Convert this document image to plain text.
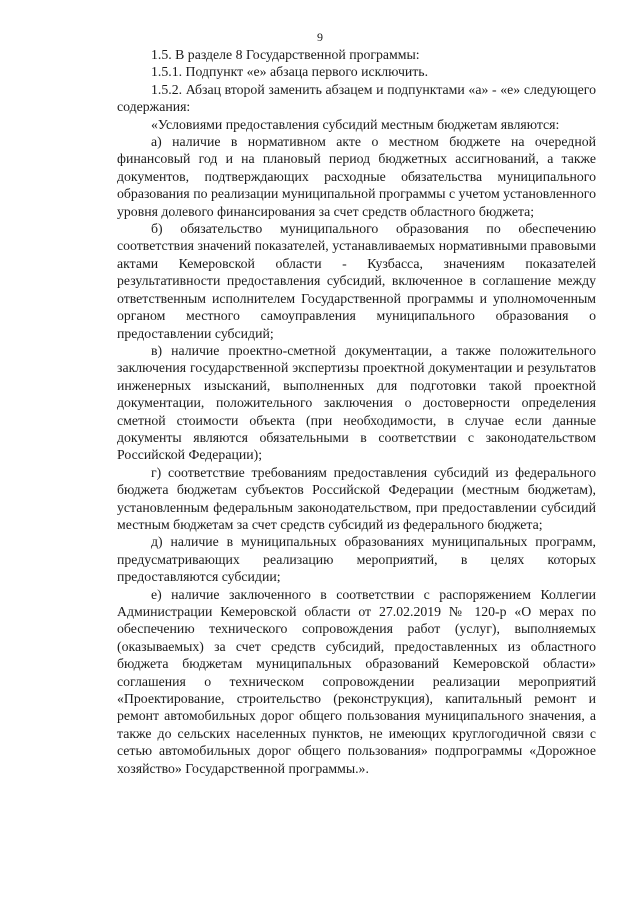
9

1.5. В разделе 8 Государственной программы:

1.5.1. Подпункт «е» абзаца первого исключить.

1.5.2. Абзац второй заменить абзацем и подпунктами «а» - «е» следующего содержания:

«Условиями предоставления субсидий местным бюджетам являются:

а) наличие в нормативном акте о местном бюджете на очередной финансовый год и на плановый период бюджетных ассигнований, а также документов, подтверждающих расходные обязательства муниципального образования по реализации муниципальной программы с учетом установленного уровня долевого финансирования за счет средств областного бюджета;

б) обязательство муниципального образования по обеспечению соответствия значений показателей, устанавливаемых нормативными правовыми актами Кемеровской области - Кузбасса, значениям показателей результативности предоставления субсидий, включенное в соглашение между ответственным исполнителем Государственной программы и уполномоченным органом местного самоуправления муниципального образования о предоставлении субсидий;

в) наличие проектно-сметной документации, а также положительного заключения государственной экспертизы проектной документации и результатов инженерных изысканий, выполненных для подготовки такой проектной документации, положительного заключения о достоверности определения сметной стоимости объекта (при необходимости, в случае если данные документы являются обязательными в соответствии с законодательством Российской Федерации);

г) соответствие требованиям предоставления субсидий из федерального бюджета бюджетам субъектов Российской Федерации (местным бюджетам), установленным федеральным законодательством, при предоставлении субсидий местным бюджетам за счет средств субсидий из федерального бюджета;

д) наличие в муниципальных образованиях муниципальных программ, предусматривающих реализацию мероприятий, в целях которых предоставляются субсидии;

е) наличие заключенного в соответствии с распоряжением Коллегии Администрации Кемеровской области от 27.02.2019 № 120-р «О мерах по обеспечению технического сопровождения работ (услуг), выполняемых (оказываемых) за счет средств субсидий, предоставленных из областного бюджета бюджетам муниципальных образований Кемеровской области» соглашения о техническом сопровождении реализации мероприятий «Проектирование, строительство (реконструкция), капитальный ремонт и ремонт автомобильных дорог общего пользования муниципального значения, а также до сельских населенных пунктов, не имеющих круглогодичной связи с сетью автомобильных дорог общего пользования» подпрограммы «Дорожное хозяйство» Государственной программы.».
